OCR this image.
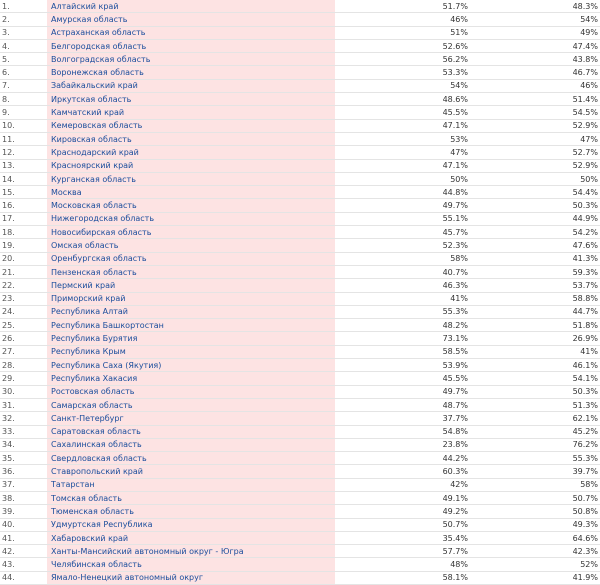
1.	Алтайский край	51.7%	48.3%
2.	Амурская область	46%	54%
3.	Астраханская область	51%	49%
4.	Белгородская область	52.6%	47.4%
5.	Волгоградская область	56.2%	43.8%
6.	Воронежская область	53.3%	46.7%
7.	Забайкальский край	54%	46%
8.	Иркутская область	48.6%	51.4%
9.	Камчатский край	45.5%	54.5%
10.	Кемеровская область	47.1%	52.9%
11.	Кировская область	53%	47%
12.	Краснодарский край	47%	52.7%
13.	Красноярский край	47.1%	52.9%
14.	Курганская область	50%	50%
15.	Москва	44.8%	54.4%
16.	Московская область	49.7%	50.3%
17.	Нижегородская область	55.1%	44.9%
18.	Новосибирская область	45.7%	54.2%
19.	Омская область	52.3%	47.6%
20.	Оренбургская область	58%	41.3%
21.	Пензенская область	40.7%	59.3%
22.	Пермский край	46.3%	53.7%
23.	Приморский край	41%	58.8%
24.	Республика Алтай	55.3%	44.7%
25.	Республика Башкортостан	48.2%	51.8%
26.	Республика Бурятия	73.1%	26.9%
27.	Республика Крым	58.5%	41%
28.	Республика Саха (Якутия)	53.9%	46.1%
29.	Республика Хакасия	45.5%	54.1%
30.	Ростовская область	49.7%	50.3%
31.	Самарская область	48.7%	51.3%
32.	Санкт-Петербург	37.7%	62.1%
33.	Саратовская область	54.8%	45.2%
34.	Сахалинская область	23.8%	76.2%
35.	Свердловская область	44.2%	55.3%
36.	Ставропольский край	60.3%	39.7%
37.	Татарстан	42%	58%
38.	Томская область	49.1%	50.7%
39.	Тюменская область	49.2%	50.8%
40.	Удмуртская Республика	50.7%	49.3%
41.	Хабаровский край	35.4%	64.6%
42.	Ханты-Мансийский автономный округ - Югра	57.7%	42.3%
43.	Челябинская область	48%	52%
44.	Ямало-Ненецкий автономный округ	58.1%	41.9%
